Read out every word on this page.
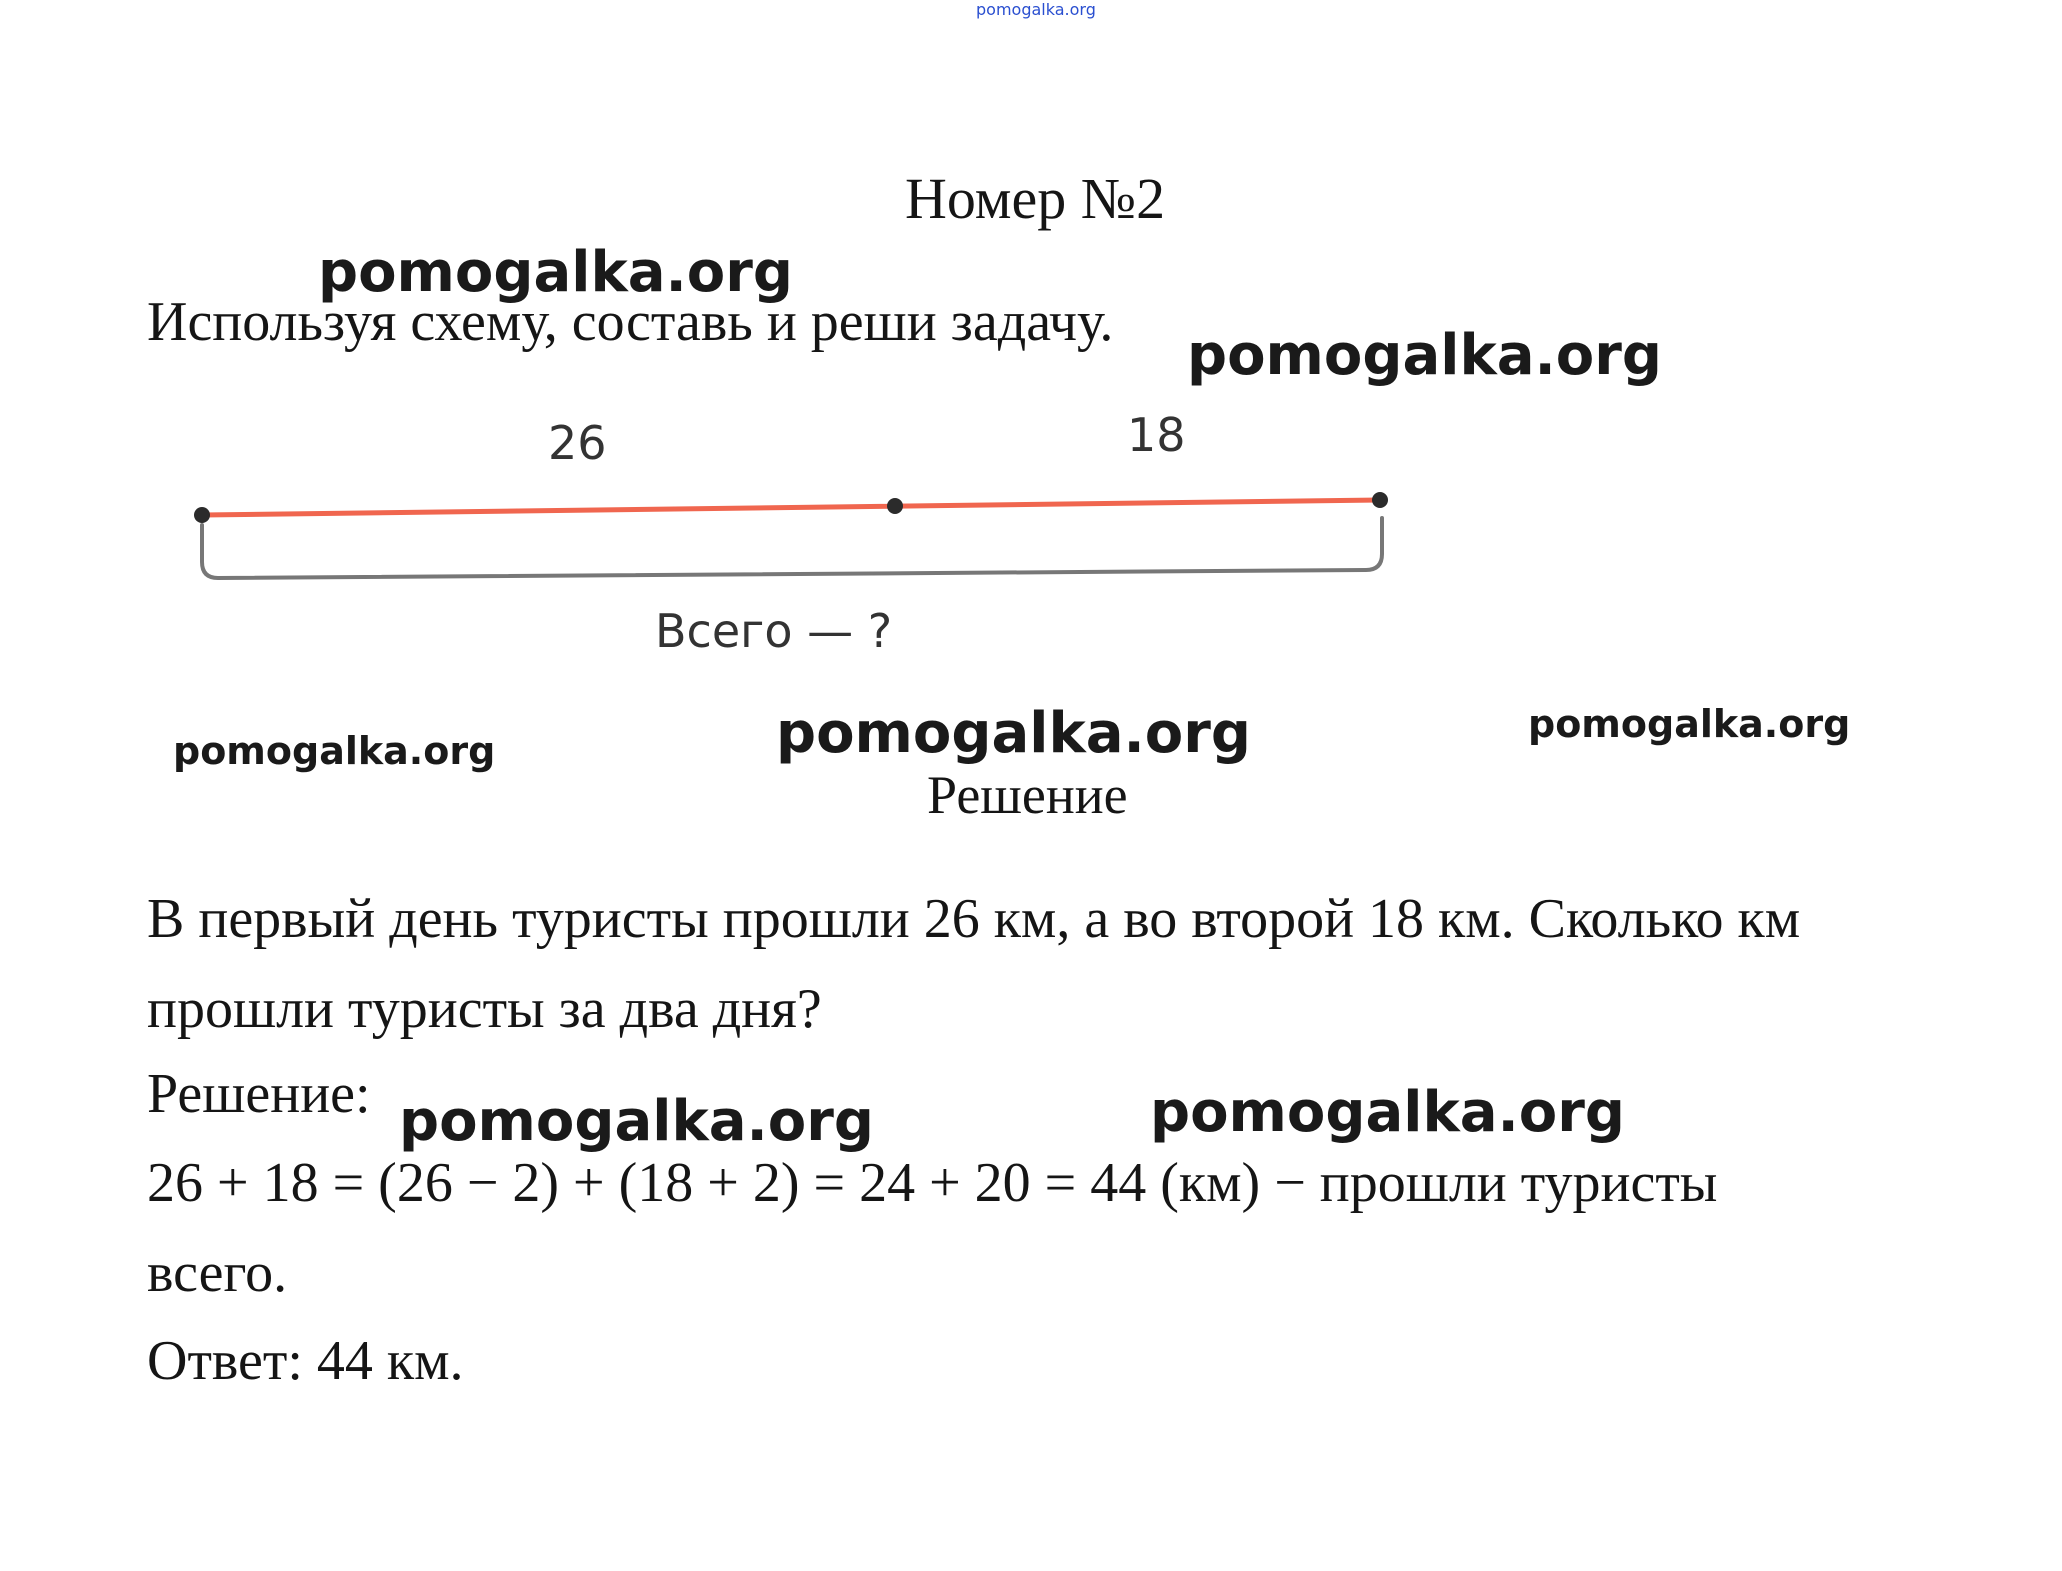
pomogalka.org
Номер №2
Используя схему, составь и реши задачу.
26	18
Всего — ?
Решение
В первый день туристы прошли 26 км, а во второй 18 км. Сколько км
прошли туристы за два дня?
Решение:
26 + 18 = (26 − 2) + (18 + 2) = 24 + 20 = 44 (км) − прошли туристы
всего.
Ответ: 44 км.
pomogalka.org
pomogalka.org
pomogalka.org	pomogalka.org	pomogalka.org
pomogalka.org	pomogalka.org
